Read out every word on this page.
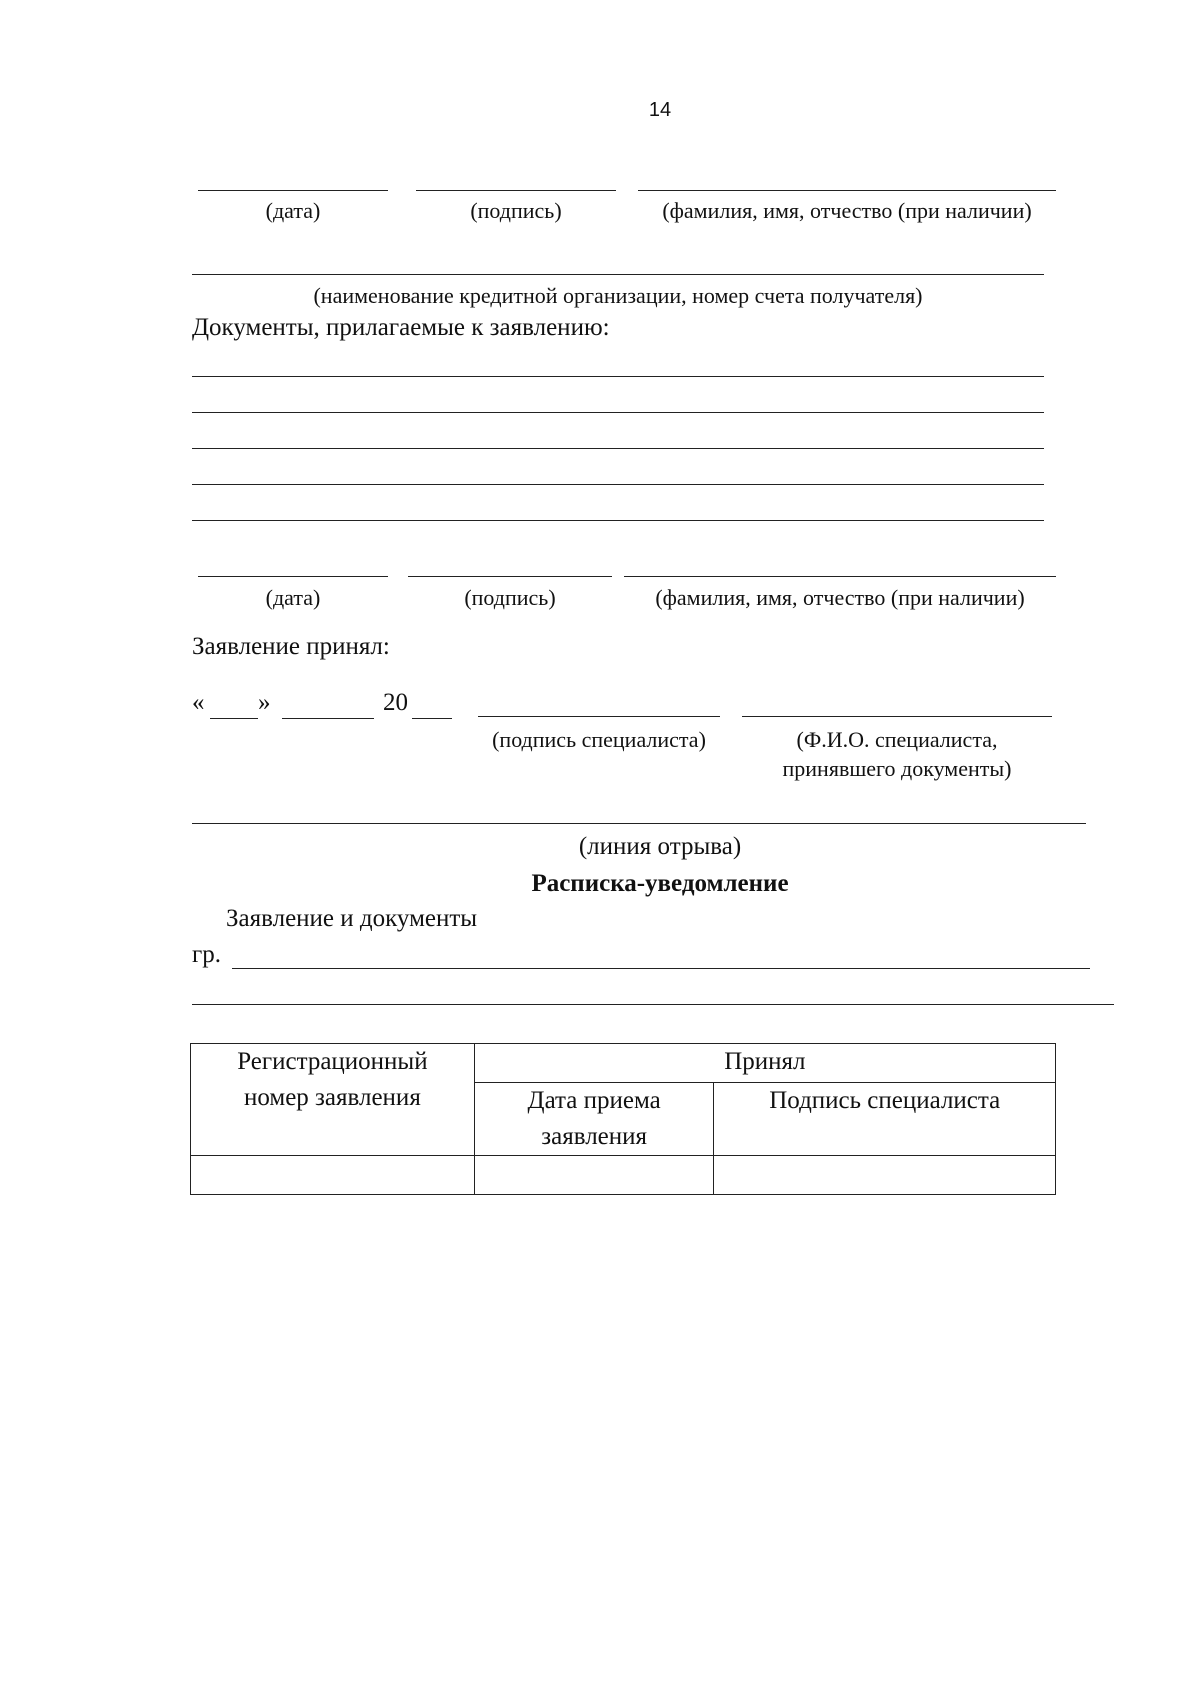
14
(дата)	(подпись)	(фамилия, имя, отчество (при наличии)
(наименование кредитной организации, номер счета получателя)
Документы, прилагаемые к заявлению:
(дата)	(подпись)	(фамилия, имя, отчество (при наличии)
Заявление принял:
« »	20
(подпись специалиста)	(Ф.И.О. специалиста,
принявшего документы)
(линия отрыва)
Расписка-уведомление
Заявление и документы
гр.
Регистрационный
номер заявления	Принял	

	Дата приема
заявления	Подпись специалиста
